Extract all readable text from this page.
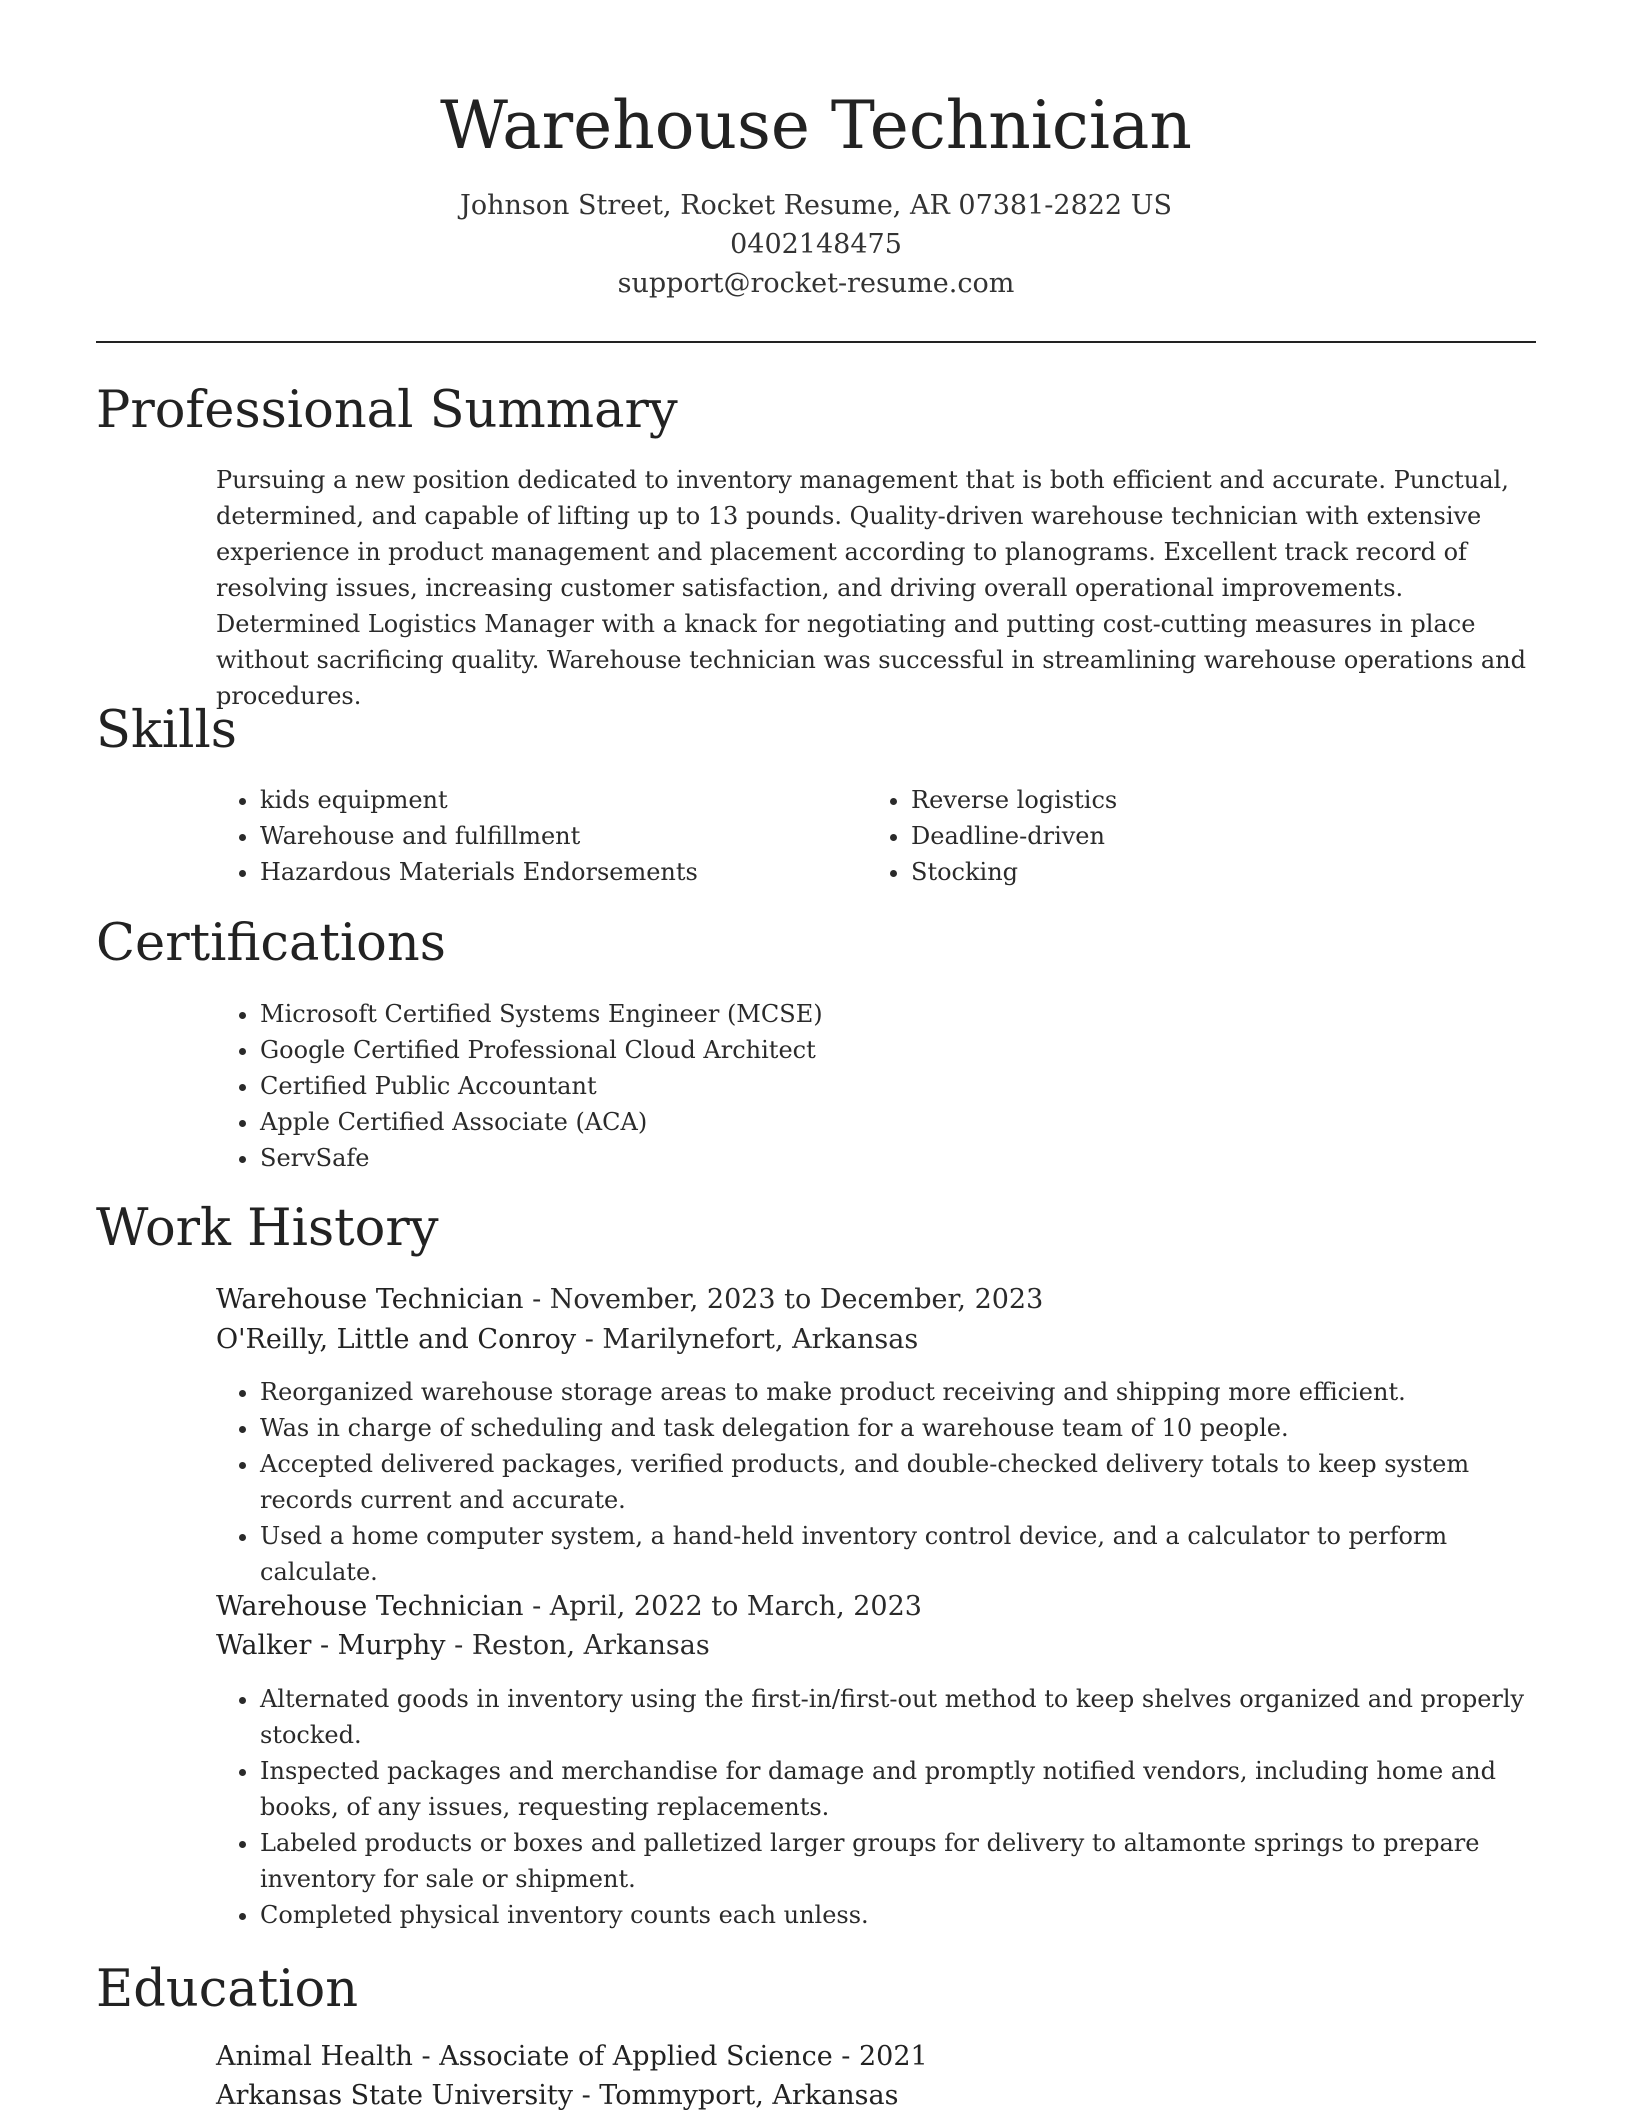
Warehouse Technician
Johnson Street, Rocket Resume, AR 07381-2822 US
0402148475
support@rocket-resume.com
Professional Summary
Pursuing a new position dedicated to inventory management that is both efficient and accurate. Punctual, determined, and capable of lifting up to 13 pounds. Quality-driven warehouse technician with extensive experience in product management and placement according to planograms. Excellent track record of resolving issues, increasing customer satisfaction, and driving overall operational improvements. Determined Logistics Manager with a knack for negotiating and putting cost-cutting measures in place without sacrificing quality. Warehouse technician was successful in streamlining warehouse operations and procedures.
Skills
• kids equipment
• Warehouse and fulfillment
• Hazardous Materials Endorsements
• Reverse logistics
• Deadline-driven
• Stocking
Certifications
• Microsoft Certified Systems Engineer (MCSE)
• Google Certified Professional Cloud Architect
• Certified Public Accountant
• Apple Certified Associate (ACA)
• ServSafe
Work History
Warehouse Technician - November, 2023 to December, 2023
O'Reilly, Little and Conroy - Marilynefort, Arkansas
• Reorganized warehouse storage areas to make product receiving and shipping more efficient.
• Was in charge of scheduling and task delegation for a warehouse team of 10 people.
• Accepted delivered packages, verified products, and double-checked delivery totals to keep system records current and accurate.
• Used a home computer system, a hand-held inventory control device, and a calculator to perform calculate.
Warehouse Technician - April, 2022 to March, 2023
Walker - Murphy - Reston, Arkansas
• Alternated goods in inventory using the first-in/first-out method to keep shelves organized and properly stocked.
• Inspected packages and merchandise for damage and promptly notified vendors, including home and books, of any issues, requesting replacements.
• Labeled products or boxes and palletized larger groups for delivery to altamonte springs to prepare inventory for sale or shipment.
• Completed physical inventory counts each unless.
Education
Animal Health - Associate of Applied Science - 2021
Arkansas State University - Tommyport, Arkansas
